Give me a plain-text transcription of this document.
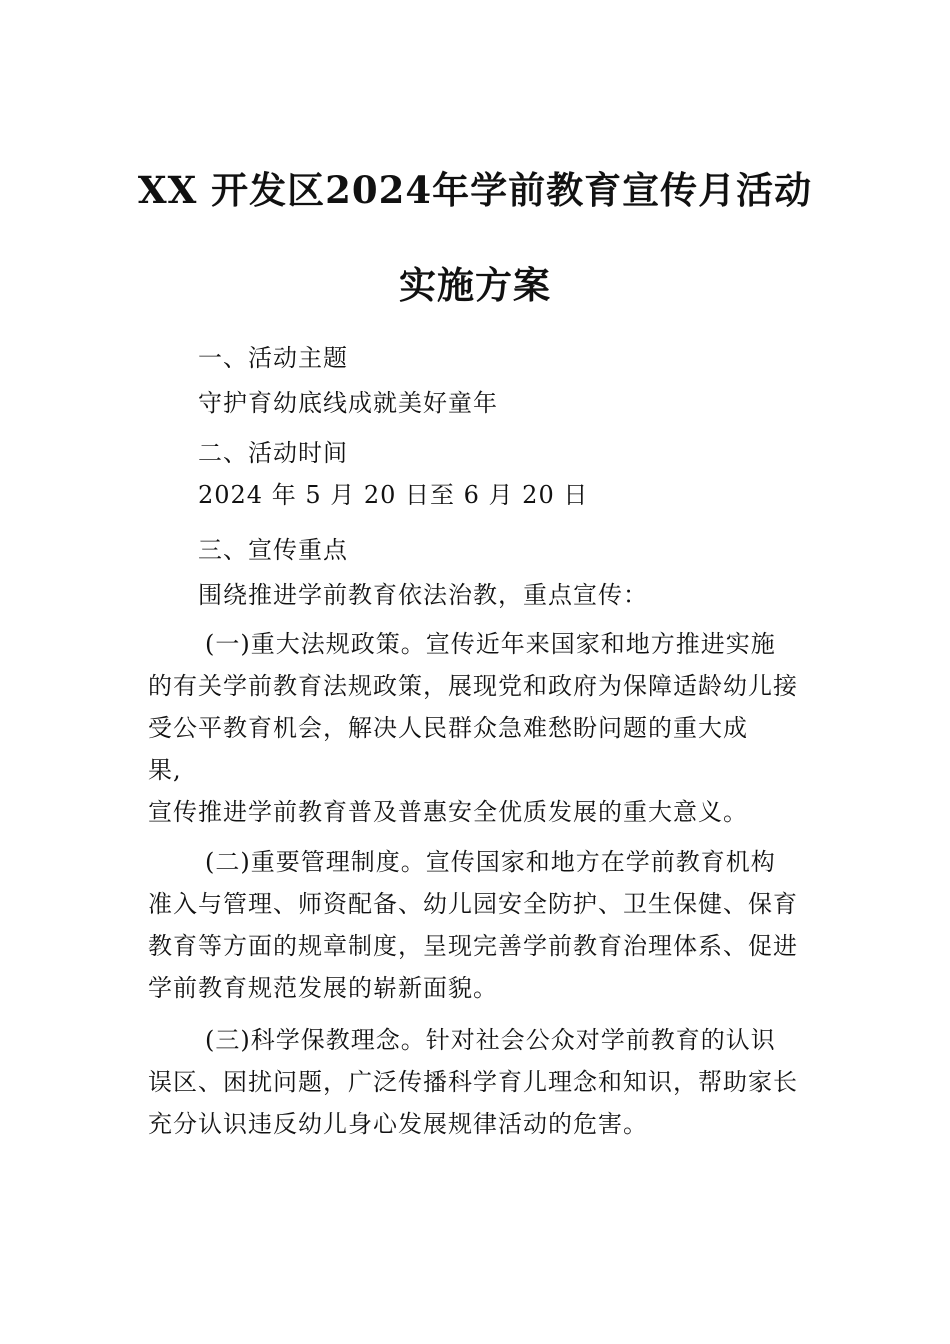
XX 开发区2024年学前教育宣传月活动
实施方案
一、活动主题
守护育幼底线成就美好童年
二、活动时间
2024 年 5 月 20 日至 6 月 20 日
三、宣传重点
围绕推进学前教育依法治教，重点宣传：
(一)重大法规政策。宣传近年来国家和地方推进实施
的有关学前教育法规政策，展现党和政府为保障适龄幼儿接
受公平教育机会，解决人民群众急难愁盼问题的重大成
果,
宣传推进学前教育普及普惠安全优质发展的重大意义。
(二)重要管理制度。宣传国家和地方在学前教育机构
准入与管理、师资配备、幼儿园安全防护、卫生保健、保育
教育等方面的规章制度，呈现完善学前教育治理体系、促进
学前教育规范发展的崭新面貌。
(三)科学保教理念。针对社会公众对学前教育的认识
误区、困扰问题，广泛传播科学育儿理念和知识，帮助家长
充分认识违反幼儿身心发展规律活动的危害。
